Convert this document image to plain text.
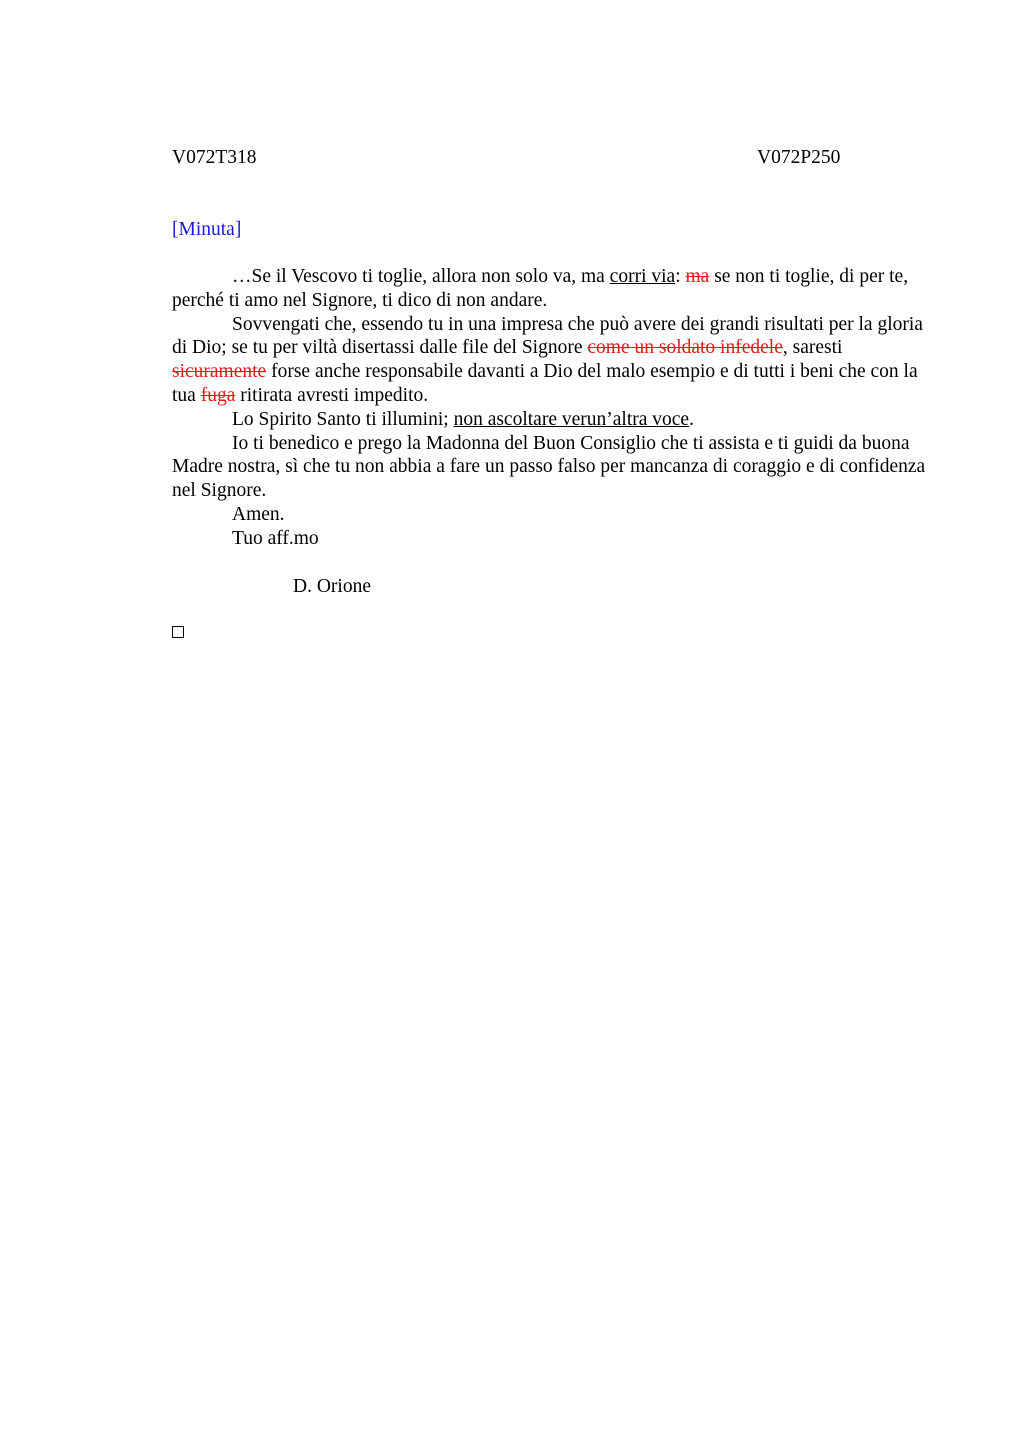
V072T318	V072P250
[Minuta]

…Se il Vescovo ti toglie, allora non solo va, ma corri via: ma se non ti toglie, di per te, perché ti amo nel Signore, ti dico di non andare.

Sovvengati che, essendo tu in una impresa che può avere dei grandi risultati per la gloria di Dio; se tu per viltà disertassi dalle file del Signore come un soldato infedele, saresti sicuramente forse anche responsabile davanti a Dio del malo esempio e di tutti i beni che con la tua fuga ritirata avresti impedito.

Lo Spirito Santo ti illumini; non ascoltare verun’altra voce.

Io ti benedico e prego la Madonna del Buon Consiglio che ti assista e ti guidi da buona Madre nostra, sì che tu non abbia a fare un passo falso per mancanza di coraggio e di confidenza nel Signore.

Amen.

Tuo aff.mo

D. Orione
